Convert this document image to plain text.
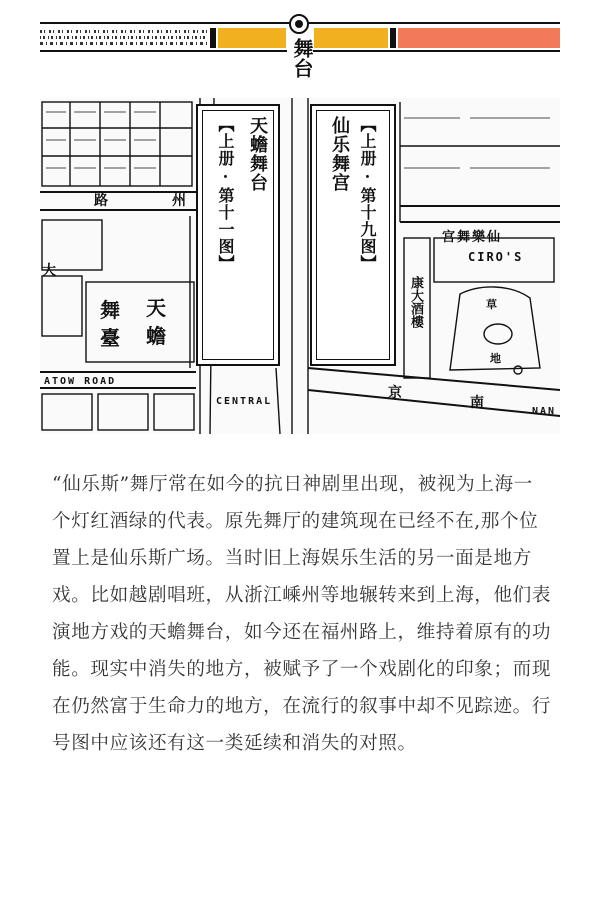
舞台
路	州
大
天
蟾
舞
臺
ATOW ROAD
CENTRAL
宫舞樂仙
CIRO'S
康大酒樓	草
地
京
南
NAN
天蟾舞台
【上册 · 第十一图】	仙乐舞宫 【上册 · 第十九图】

“仙乐斯”舞厅常在如今的抗日神剧里出现，被视为上海一个灯红酒绿的代表。原先舞厅的建筑现在已经不在,那个位置上是仙乐斯广场。当时旧上海娱乐生活的另一面是地方戏。比如越剧唱班，从浙江嵊州等地辗转来到上海，他们表演地方戏的天蟾舞台，如今还在福州路上，维持着原有的功能。现实中消失的地方，被赋予了一个戏剧化的印象；而现在仍然富于生命力的地方，在流行的叙事中却不见踪迹。行号图中应该还有这一类延续和消失的对照。
